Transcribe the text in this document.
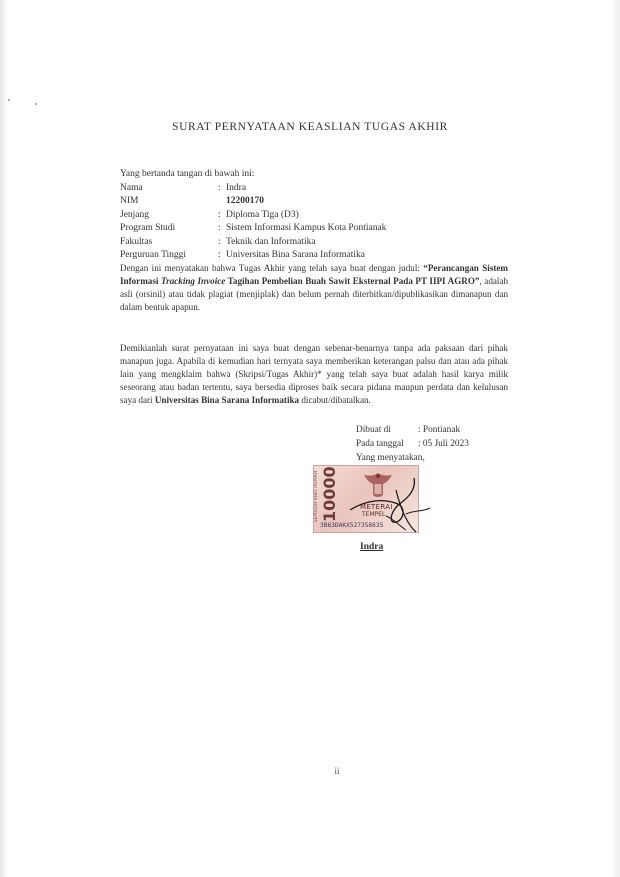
SURAT PERNYATAAN KEASLIAN TUGAS AKHIR
Yang bertanda tangan di bawah ini:
Nama	: Indra
NIM	12200170
Jenjang	: Diploma Tiga (D3)
Program Studi	: Sistem Informasi Kampus Kota Pontianak
Fakultas	: Teknik dan Informatika
Perguruan Tinggi	: Universitas Bina Sarana Informatika
Dengan ini menyatakan bahwa Tugas Akhir yang telah saya buat dengan judul: “Perancangan Sistem Informasi Tracking Invoice Tagihan Pembelian Buah Sawit Eksternal Pada PT IIPI AGRO”, adalah asli (orsinil) atau tidak plagiat (menjiplak) dan belum pernah diterbitkan/dipublikasikan dimanapun dan dalam bentuk apapun.
Demikianlah surat pernyataan ini saya buat dengan sebenar-benarnya tanpa ada paksaan dari pihak manapun juga. Apabila di kemudian hari ternyata saya memberikan keterangan palsu dan atau ada pihak lain yang mengklaim bahwa (Skripsi/Tugas Akhir)* yang telah saya buat adalah hasil karya milik seseorang atau badan tertentu, saya bersedia diproses baik secara pidana maupun perdata dan kelulusan saya dari Universitas Bina Sarana Informatika dicabut/dibatalkan.
Dibuat di	: Pontianak
Pada tanggal : 05 Juli 2023
Yang menyatakan,
SEPULUH RIBU RUPIAH 10000	METERAI
TEMPEL
3B63DAKX527358635
Indra
ii
